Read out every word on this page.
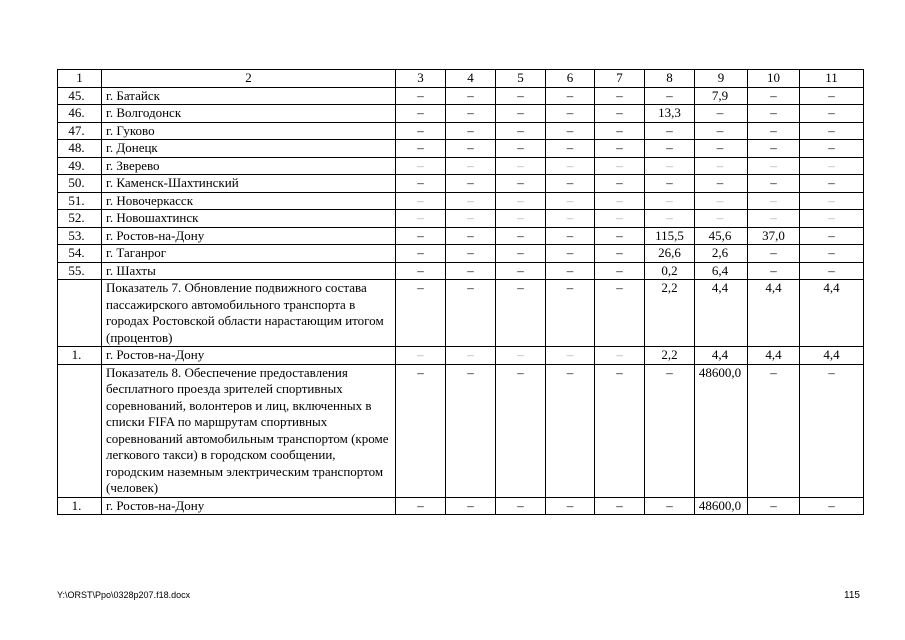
1	2	3	4	5	6	7	8	9	10	11
45.	г. Батайск	–	–	–	–	–	–	7,9	–	–
46.	г. Волгодонск	–	–	–	–	–	13,3	–	–	–
47.	г. Гуково	–	–	–	–	–	–	–	–	–
48.	г. Донецк	–	–	–	–	–	–	–	–	–
49.	г. Зверево	–	–	–	–	–	–	–	–	–
50.	г. Каменск-Шахтинский	–	–	–	–	–	–	–	–	–
51.	г. Новочеркасск	–	–	–	–	–	–	–	–	–
52.	г. Новошахтинск	–	–	–	–	–	–	–	–	–
53.	г. Ростов-на-Дону	–	–	–	–	–	115,5	45,6	37,0	–
54.	г. Таганрог	–	–	–	–	–	26,6	2,6	–	–
55.	г. Шахты	–	–	–	–	–	0,2	6,4	–	–
	Показатель 7. Обновление подвижного состава пассажирского автомобильного транспорта в городах Ростовской области нарастающим итогом (процентов)	–	–	–	–	–	2,2	4,4	4,4	4,4
1.	г. Ростов-на-Дону	–	–	–	–	–	2,2	4,4	4,4	4,4
	Показатель 8. Обеспечение предоставления бесплатного проезда зрителей спортивных соревнований, волонтеров и лиц, включенных в списки FIFA по маршрутам спортивных соревнований автомобильным транспортом (кроме легкового такси) в городском сообщении, городским наземным электрическим транспортом (человек)	–	–	–	–	–	–	48600,0	–	–
1.	г. Ростов-на-Дону	–	–	–	–	–	–	48600,0	–	–
Y:\ORST\Ppo\0328p207.f18.docx	115
